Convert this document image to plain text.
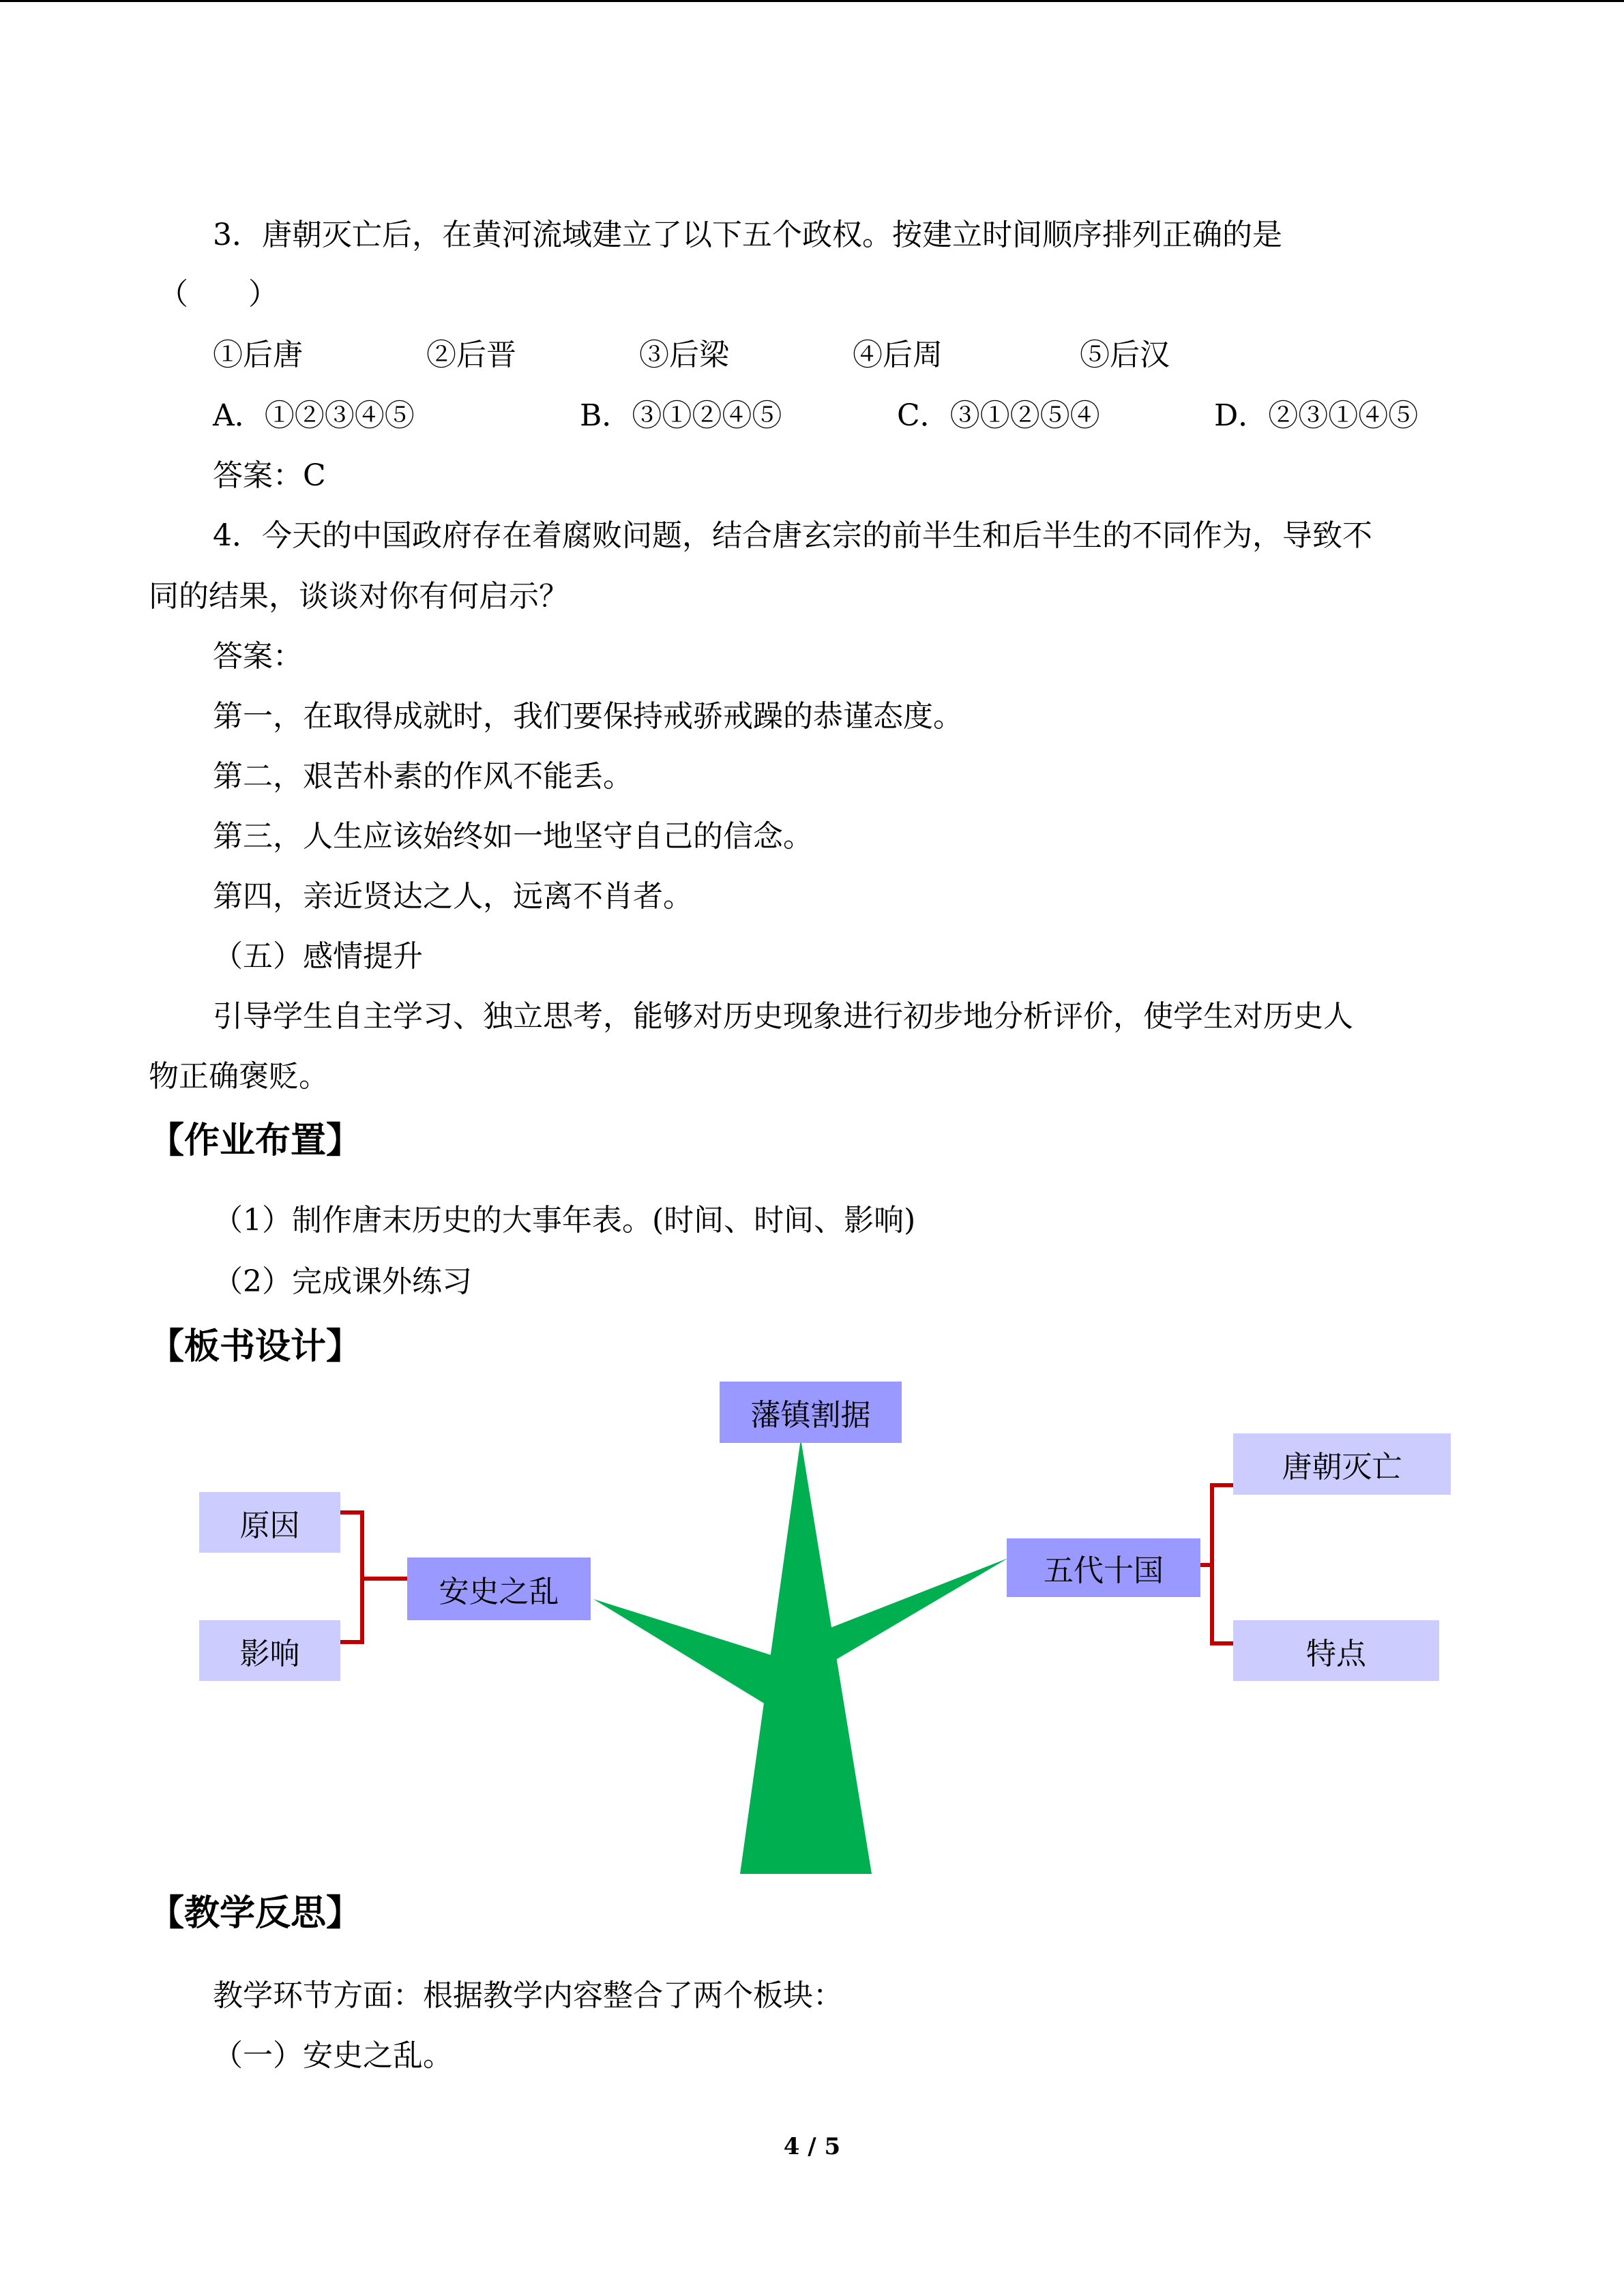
3．唐朝灭亡后，在黄河流域建立了以下五个政权。按建立时间顺序排列正确的是
（　　）
①后唐	②后晋	③后梁	④后周	⑤后汉
A．①②③④⑤	B．③①②④⑤	C．③①②⑤④	D．②③①④⑤
答案：C
4．今天的中国政府存在着腐败问题，结合唐玄宗的前半生和后半生的不同作为，导致不
同的结果，谈谈对你有何启示？
答案：
第一，在取得成就时，我们要保持戒骄戒躁的恭谨态度。
第二，艰苦朴素的作风不能丢。
第三，人生应该始终如一地坚守自己的信念。
第四，亲近贤达之人，远离不肖者。
（五）感情提升
引导学生自主学习、独立思考，能够对历史现象进行初步地分析评价，使学生对历史人
物正确褒贬。
【作业布置】
（1）制作唐末历史的大事年表。(时间、时间、影响)
（2）完成课外练习
【板书设计】
藩镇割据
原因
影响
安史之乱
五代十国
唐朝灭亡
特点
【教学反思】
教学环节方面：根据教学内容整合了两个板块：
（一）安史之乱。
4 / 5
